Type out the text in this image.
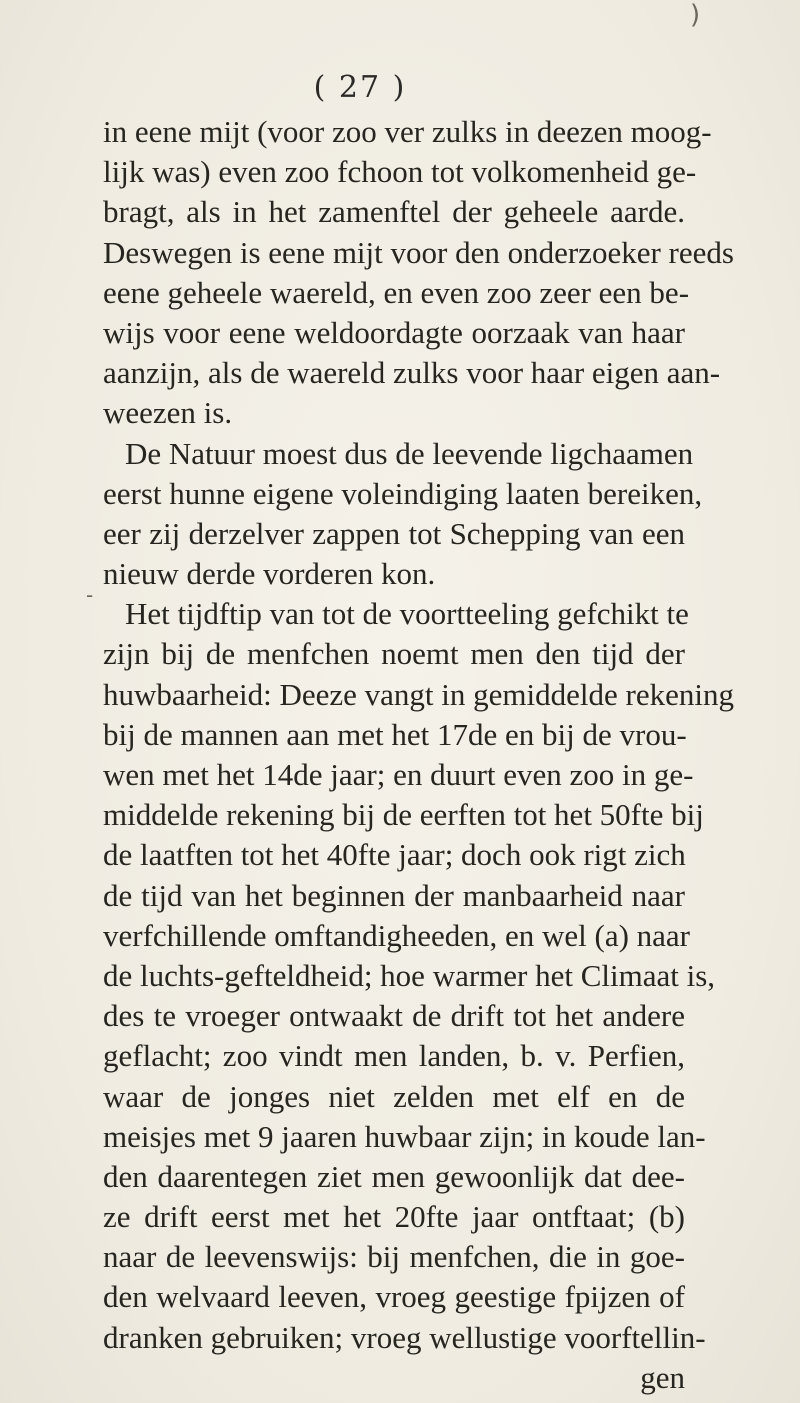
)
-
( 27 )
in eene mijt (voor zoo ver zulks in deezen moog-
lijk was) even zoo fchoon tot volkomenheid ge-
bragt, als in het zamenftel der geheele aarde.
Deswegen is eene mijt voor den onderzoeker reeds
eene geheele waereld, en even zoo zeer een be-
wijs voor eene weldoordagte oorzaak van haar
aanzijn, als de waereld zulks voor haar eigen aan-
weezen is.
De Natuur moest dus de leevende ligchaamen
eerst hunne eigene voleindiging laaten bereiken,
eer zij derzelver zappen tot Schepping van een
nieuw derde vorderen kon.
Het tijdftip van tot de voortteeling gefchikt te
zijn bij de menfchen noemt men den tijd der
huwbaarheid: Deeze vangt in gemiddelde rekening
bij de mannen aan met het 17de en bij de vrou-
wen met het 14de jaar; en duurt even zoo in ge-
middelde rekening bij de eerften tot het 50fte bij
de laatften tot het 40fte jaar; doch ook rigt zich
de tijd van het beginnen der manbaarheid naar
verfchillende omftandigheeden, en wel (a) naar
de luchts-gefteldheid; hoe warmer het Climaat is,
des te vroeger ontwaakt de drift tot het andere
geflacht; zoo vindt men landen, b. v. Perfien,
waar de jonges niet zelden met elf en de
meisjes met 9 jaaren huwbaar zijn; in koude lan-
den daarentegen ziet men gewoonlijk dat dee-
ze drift eerst met het 20fte jaar ontftaat; (b)
naar de leevenswijs: bij menfchen, die in goe-
den welvaard leeven, vroeg geestige fpijzen of
dranken gebruiken; vroeg wellustige voorftellin-
gen
